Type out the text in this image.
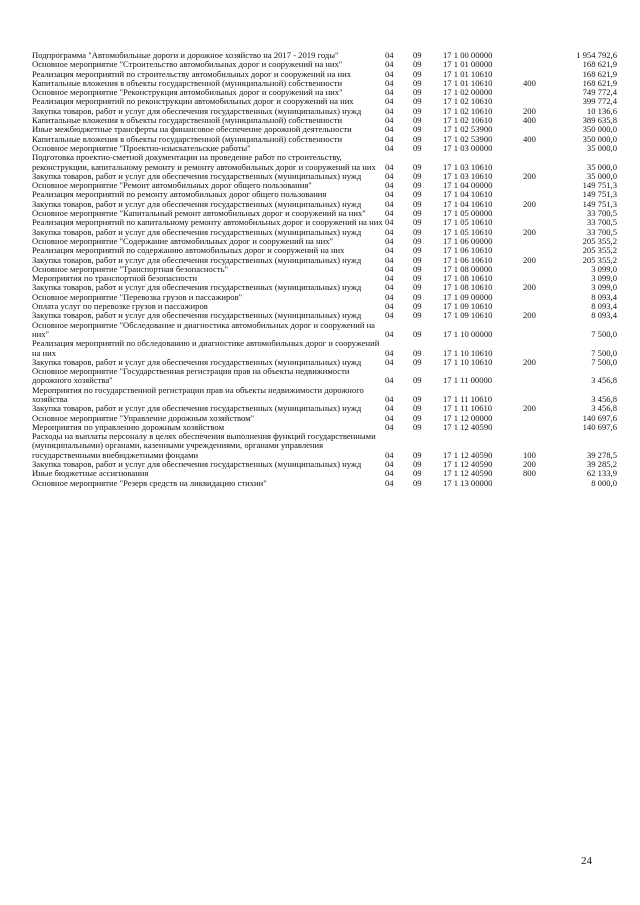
Подпрограмма "Автомобильные дороги и дорожное хозяйство на 2017 - 2019 годы"	04	09	17 1 00 00000		1 954 792,6
Основное мероприятие "Строительство автомобильных дорог и сооружений на них"	04	09	17 1 01 00000		168 621,9
Реализация мероприятий по строительству автомобильных дорог и сооружений на них	04	09	17 1 01 10610		168 621,9
Капитальные вложения в объекты государственной (муниципальной) собственности	04	09	17 1 01 10610	400	168 621,9
Основное мероприятие "Реконструкция автомобильных дорог и сооружений на них"	04	09	17 1 02 00000		749 772,4
Реализация мероприятий по реконструкции автомобильных дорог и сооружений на них	04	09	17 1 02 10610		399 772,4
Закупка товаров, работ и услуг для обеспечения государственных (муниципальных) нужд	04	09	17 1 02 10610	200	10 136,6
Капитальные вложения в объекты государственной (муниципальной) собственности	04	09	17 1 02 10610	400	389 635,8
Иные межбюджетные трансферты на финансовое обеспечение дорожной деятельности	04	09	17 1 02 53900		350 000,0
Капитальные вложения в объекты государственной (муниципальной) собственности	04	09	17 1 02 53900	400	350 000,0
Основное мероприятие "Проектно-изыскательские работы"	04	09	17 1 03 00000		35 000,0
Подготовка проектно-сметной документации на проведение работ по строительству, реконструкции, капитальному ремонту и ремонту автомобильных дорог и сооружений на них	04	09	17 1 03 10610		35 000,0
Закупка товаров, работ и услуг для обеспечения государственных (муниципальных) нужд	04	09	17 1 03 10610	200	35 000,0
Основное мероприятие "Ремонт автомобильных дорог общего пользования"	04	09	17 1 04 00000		149 751,3
Реализация мероприятий по ремонту автомобильных дорог общего пользования	04	09	17 1 04 10610		149 751,3
Закупка товаров, работ и услуг для обеспечения государственных (муниципальных) нужд	04	09	17 1 04 10610	200	149 751,3
Основное мероприятие "Капитальный ремонт автомобильных дорог и сооружений на них"	04	09	17 1 05 00000		33 700,5
Реализация мероприятий по капитальному ремонту автомобильных дорог и сооружений на них	04	09	17 1 05 10610		33 700,5
Закупка товаров, работ и услуг для обеспечения государственных (муниципальных) нужд	04	09	17 1 05 10610	200	33 700,5
Основное мероприятие "Содержание автомобильных дорог и сооружений на них"	04	09	17 1 06 00000		205 355,2
Реализация мероприятий по содержанию автомобильных дорог и сооружений на них	04	09	17 1 06 10610		205 355,2
Закупка товаров, работ и услуг для обеспечения государственных (муниципальных) нужд	04	09	17 1 06 10610	200	205 355,2
Основное мероприятие "Транспортная безопасность"	04	09	17 1 08 00000		3 099,0
Мероприятия по транспортной безопасности	04	09	17 1 08 10610		3 099,0
Закупка товаров, работ и услуг для обеспечения государственных (муниципальных) нужд	04	09	17 1 08 10610	200	3 099,0
Основное мероприятие "Перевозка грузов и пассажиров"	04	09	17 1 09 00000		8 093,4
Оплата услуг по перевозке грузов и пассажиров	04	09	17 1 09 10610		8 093,4
Закупка товаров, работ и услуг для обеспечения государственных (муниципальных) нужд	04	09	17 1 09 10610	200	8 093,4
Основное мероприятие "Обследование и диагностика автомобильных дорог и сооружений на них"	04	09	17 1 10 00000		7 500,0
Реализация мероприятий по обследованию и диагностике автомобильных дорог и сооружений на них	04	09	17 1 10 10610		7 500,0
Закупка товаров, работ и услуг для обеспечения государственных (муниципальных) нужд	04	09	17 1 10 10610	200	7 500,0
Основное мероприятие "Государственная регистрация прав на объекты недвижимости дорожного хозяйства"	04	09	17 1 11 00000		3 456,8
Мероприятия по государственной регистрации прав на объекты недвижимости дорожного хозяйства	04	09	17 1 11 10610		3 456,8
Закупка товаров, работ и услуг для обеспечения государственных (муниципальных) нужд	04	09	17 1 11 10610	200	3 456,8
Основное мероприятие "Управление дорожным хозяйством"	04	09	17 1 12 00000		140 697,6
Мероприятия по управлению дорожным хозяйством	04	09	17 1 12 40590		140 697,6
Расходы на выплаты персоналу в целях обеспечения выполнения функций государственными (муниципальными) органами, казенными учреждениями, органами управления государственными внебюджетными фондами	04	09	17 1 12 40590	100	39 278,5
Закупка товаров, работ и услуг для обеспечения государственных (муниципальных) нужд	04	09	17 1 12 40590	200	39 285,2
Иные бюджетные ассигнования	04	09	17 1 12 40590	800	62 133,9
Основное мероприятие "Резерв средств на ликвидацию стихии"	04	09	17 1 13 00000		8 000,0
24
